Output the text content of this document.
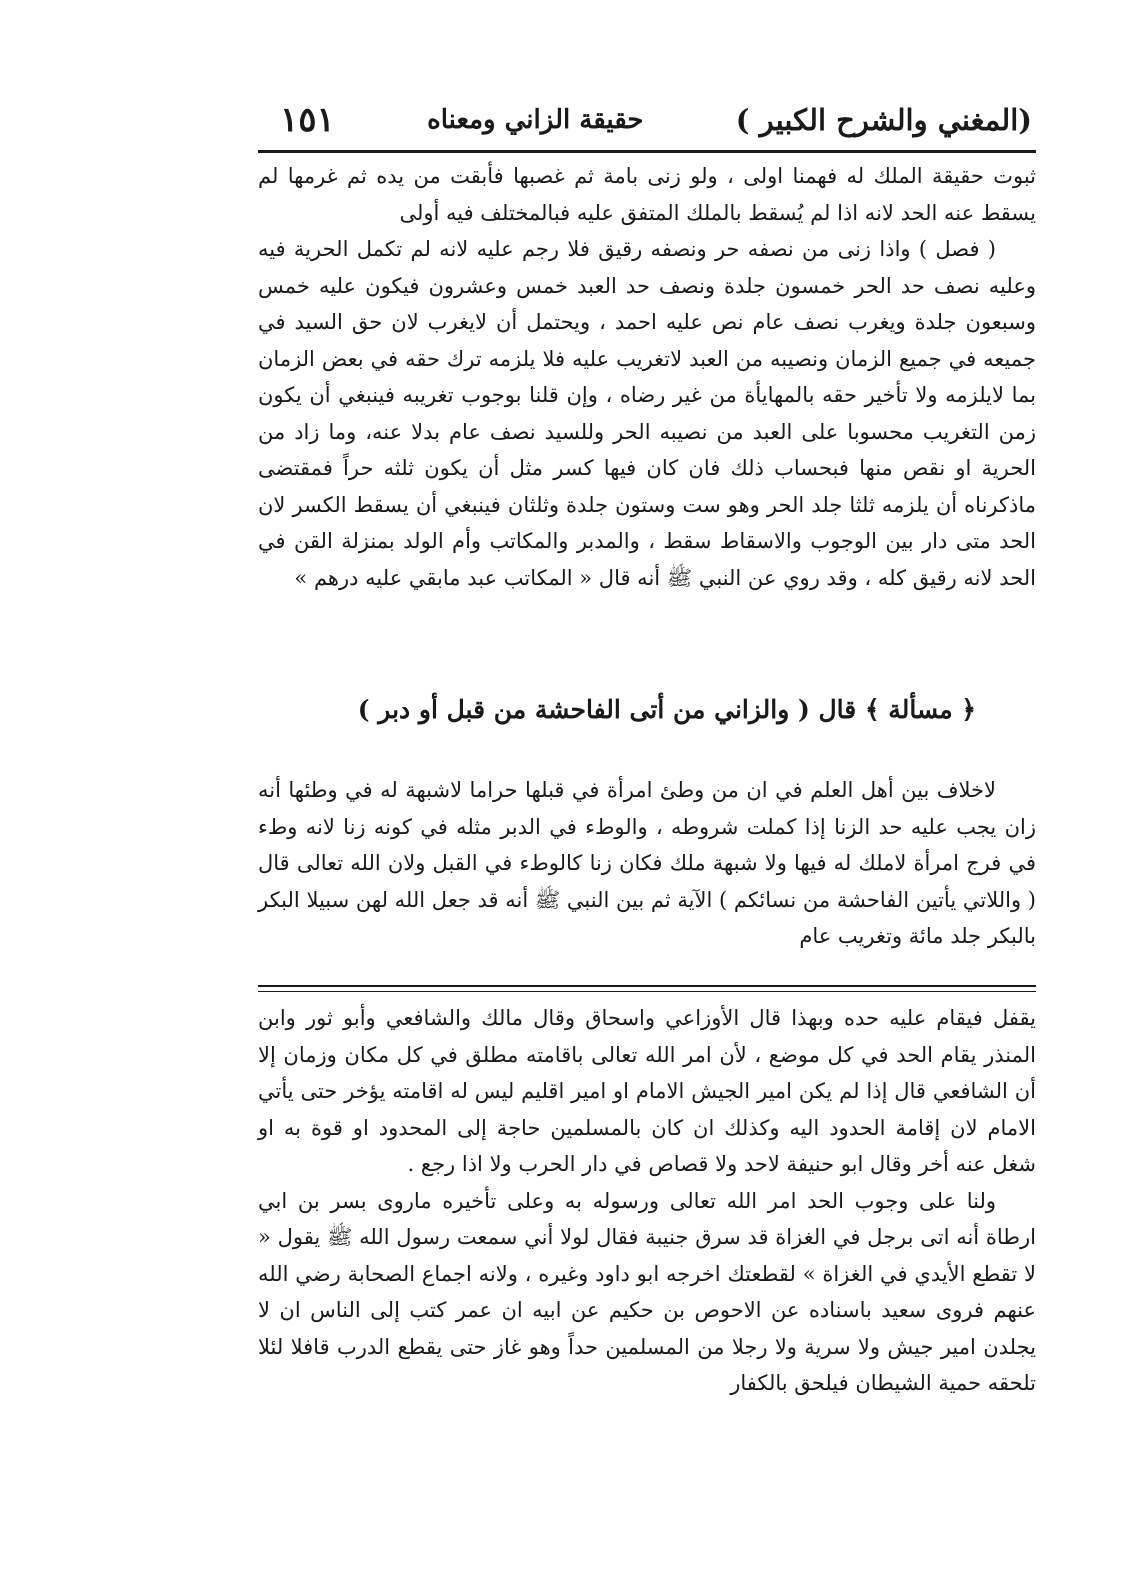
(المغني والشرح الكبير )
حقيقة الزاني ومعناه
١٥١

ثبوت حقيقة الملك له فهمنا اولى ، ولو زنى بامة ثم غصبها فأبقت من يده ثم غرمها لم يسقط عنه الحد لانه اذا لم يُسقط بالملك المتفق عليه فبالمختلف فيه أولى

( فصل ) واذا زنى من نصفه حر ونصفه رقيق فلا رجم عليه لانه لم تكمل الحرية فيه وعليه نصف حد الحر خمسون جلدة ونصف حد العبد خمس وعشرون فيكون عليه خمس وسبعون جلدة ويغرب نصف عام نص عليه احمد ، ويحتمل أن لايغرب لان حق السيد في جميعه في جميع الزمان ونصيبه من العبد لاتغريب عليه فلا يلزمه ترك حقه في بعض الزمان بما لايلزمه ولا تأخير حقه بالمهايأة من غير رضاه ، وإن قلنا بوجوب تغريبه فينبغي أن يكون زمن التغريب محسوبا على العبد من نصيبه الحر وللسيد نصف عام بدلا عنه، وما زاد من الحرية او نقص منها فبحساب ذلك فان كان فيها كسر مثل أن يكون ثلثه حراً فمقتضى ماذكرناه أن يلزمه ثلثا جلد الحر وهو ست وستون جلدة وثلثان فينبغي أن يسقط الكسر لان الحد متى دار بين الوجوب والاسقاط سقط ، والمدبر والمكاتب وأم الولد بمنزلة القن في الحد لانه رقيق كله ، وقد روي عن النبي ﷺ أنه قال « المكاتب عبد مابقي عليه درهم »

﴿ مسألة ﴾ قال ( والزاني من أتى الفاحشة من قبل أو دبر )

لاخلاف بين أهل العلم في ان من وطئ امرأة في قبلها حراما لاشبهة له في وطئها أنه زان يجب عليه حد الزنا إذا كملت شروطه ، والوطء في الدبر مثله في كونه زنا لانه وطء في فرج امرأة لاملك له فيها ولا شبهة ملك فكان زنا كالوطء في القبل ولان الله تعالى قال ( واللاتي يأتين الفاحشة من نسائكم ) الآية ثم بين النبي ﷺ أنه قد جعل الله لهن سبيلا البكر بالبكر جلد مائة وتغريب عام

يقفل فيقام عليه حده وبهذا قال الأوزاعي واسحاق وقال مالك والشافعي وأبو ثور وابن المنذر يقام الحد في كل موضع ، لأن امر الله تعالى باقامته مطلق في كل مكان وزمان إلا أن الشافعي قال إذا لم يكن امير الجيش الامام او امير اقليم ليس له اقامته يؤخر حتى يأتي الامام لان إقامة الحدود اليه وكذلك ان كان بالمسلمين حاجة إلى المحدود او قوة به او شغل عنه أخر وقال ابو حنيفة لاحد ولا قصاص في دار الحرب ولا اذا رجع .

ولنا على وجوب الحد امر الله تعالى ورسوله به وعلى تأخيره ماروى بسر بن ابي ارطاة أنه اتى برجل في الغزاة قد سرق جنيبة فقال لولا أني سمعت رسول الله ﷺ يقول « لا تقطع الأيدي في الغزاة » لقطعتك اخرجه ابو داود وغيره ، ولانه اجماع الصحابة رضي الله عنهم فروى سعيد باسناده عن الاحوص بن حكيم عن ابيه ان عمر كتب إلى الناس ان لا يجلدن امير جيش ولا سرية ولا رجلا من المسلمين حداً وهو غاز حتى يقطع الدرب قافلا لئلا تلحقه حمية الشيطان فيلحق بالكفار
